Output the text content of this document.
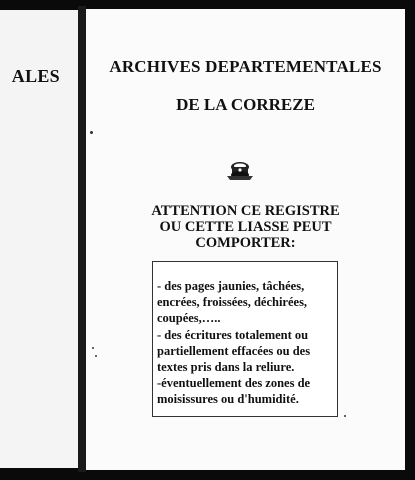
ALES	ARCHIVES DEPARTEMENTALES
DE LA CORREZE
ATTENTION CE REGISTRE
OU CETTE LIASSE PEUT
COMPORTER:
- des pages jaunies, tâchées,
encrées, froissées, déchirées,
coupées,…..
- des écritures totalement ou
partiellement effacées ou des
textes pris dans la reliure.
-éventuellement des zones de
moisissures ou d'humidité.
